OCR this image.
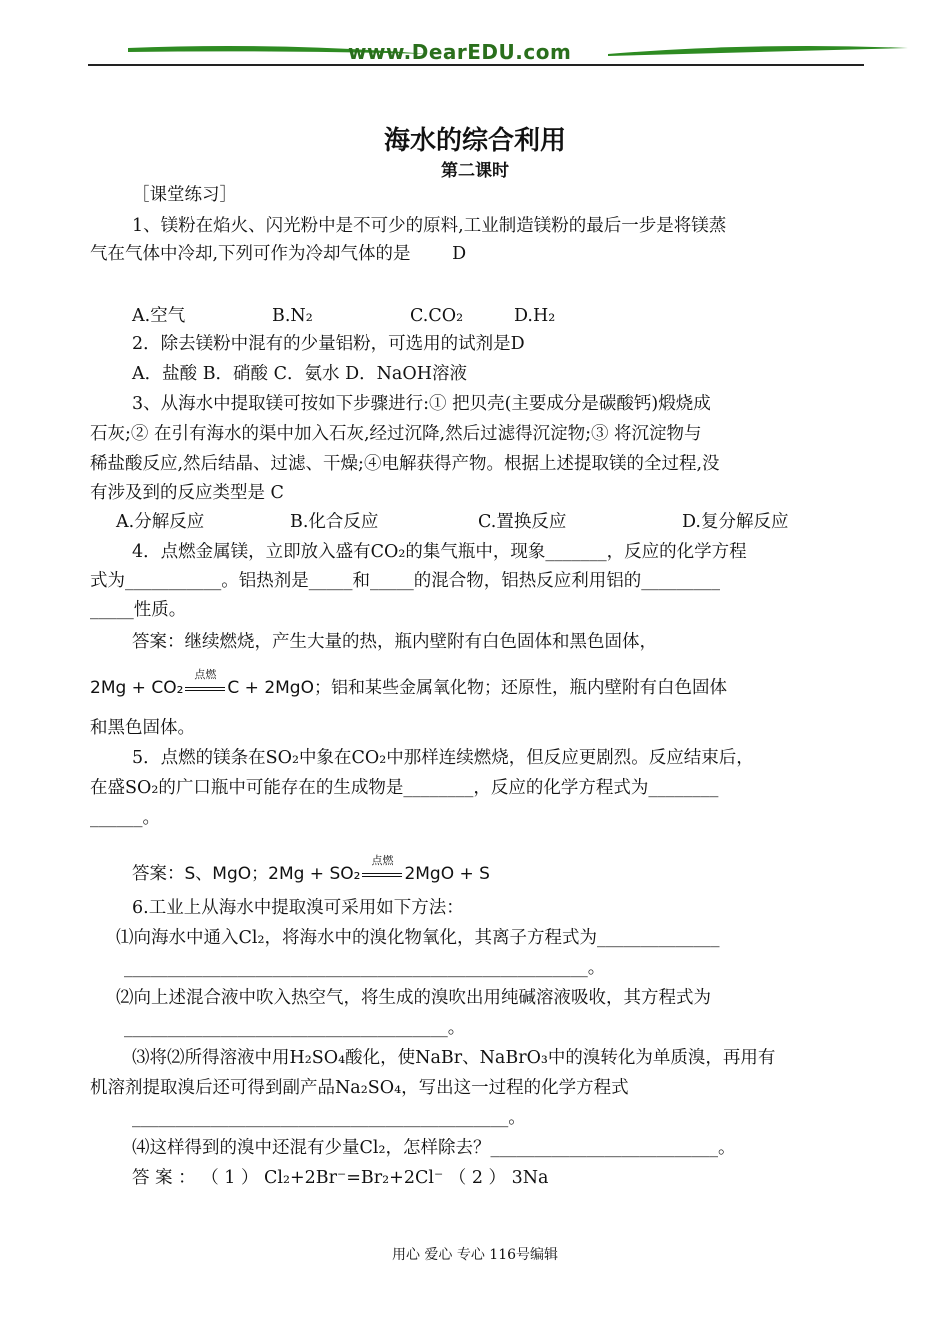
www.DearEDU.com
海水的综合利用
第二课时
［课堂练习］
1、镁粉在焰火、闪光粉中是不可少的原料,工业制造镁粉的最后一步是将镁蒸
气在气体中冷却,下列可作为冷却气体的是 D
A.空气	B.N₂	C.CO₂	D.H₂
2．除去镁粉中混有的少量铝粉，可选用的试剂是D
A．盐酸 B．硝酸 C．氨水 D．NaOH溶液
3、从海水中提取镁可按如下步骤进行:① 把贝壳(主要成分是碳酸钙)煅烧成
石灰;② 在引有海水的渠中加入石灰,经过沉降,然后过滤得沉淀物;③ 将沉淀物与
稀盐酸反应,然后结晶、过滤、干燥;④电解获得产物。根据上述提取镁的全过程,没
有涉及到的反应类型是 C
A.分解反应	B.化合反应	C.置换反应	D.复分解反应
4．点燃金属镁，立即放入盛有CO₂的集气瓶中，现象_______，反应的化学方程
式为___________。铝热剂是_____和_____的混合物，铝热反应利用铝的_________
_____性质。
答案：继续燃烧，产生大量的热，瓶内壁附有白色固体和黑色固体，
2Mg + CO₂
点燃
C + 2MgO；铝和某些金属氧化物；还原性，瓶内壁附有白色固体
和黑色固体。
5．点燃的镁条在SO₂中象在CO₂中那样连续燃烧，但反应更剧烈。反应结束后，
在盛SO₂的广口瓶中可能存在的生成物是________，反应的化学方程式为________
______。
答案：S、MgO；2Mg + SO₂
点燃
2MgO + S
6.工业上从海水中提取溴可采用如下方法：
⑴向海水中通入Cl₂，将海水中的溴化物氧化，其离子方程式为______________
_____________________________________________________。
⑵向上述混合液中吹入热空气，将生成的溴吹出用纯碱溶液吸收，其方程式为
_____________________________________。
⑶将⑵所得溶液中用H₂SO₄酸化，使NaBr、NaBrO₃中的溴转化为单质溴，再用有
机溶剂提取溴后还可得到副产品Na₂SO₄，写出这一过程的化学方程式
___________________________________________。
⑷这样得到的溴中还混有少量Cl₂，怎样除去？__________________________。
答 案 ： （ 1 ） Cl₂+2Br⁻=Br₂+2Cl⁻ （ 2 ） 3Na
用心 爱心 专心 116号编辑
